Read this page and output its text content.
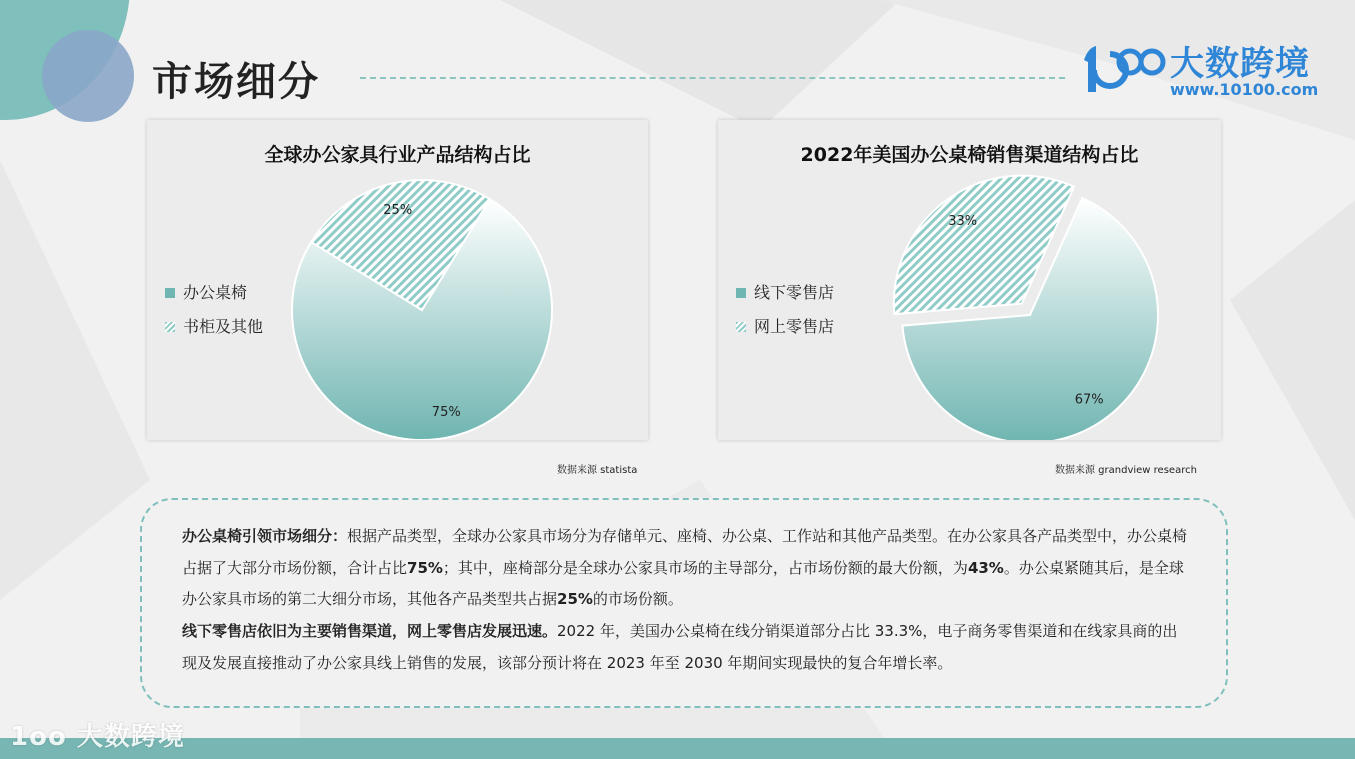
市场细分	大数跨境
www.10100.com
全球办公家具行业产品结构占比
75%
25%
办公桌椅
书柜及其他
数据来源 statista
2022年美国办公桌椅销售渠道结构占比
67%
33%
线下零售店
网上零售店
数据来源 grandview research
办公桌椅引领市场细分：根据产品类型，全球办公家具市场分为存储单元、座椅、办公桌、工作站和其他产品类型。在办公家具各产品类型中，办公桌椅占据了大部分市场份额，合计占比75%；其中，座椅部分是全球办公家具市场的主导部分，占市场份额的最大份额，为43%。办公桌紧随其后，是全球办公家具市场的第二大细分市场，其他各产品类型共占据25%的市场份额。
线下零售店依旧为主要销售渠道，网上零售店发展迅速。2022 年，美国办公桌椅在线分销渠道部分占比 33.3%，电子商务零售渠道和在线家具商的出现及发展直接推动了办公家具线上销售的发展，该部分预计将在 2023 年至 2030 年期间实现最快的复合年增长率。
1oo 大数跨境
